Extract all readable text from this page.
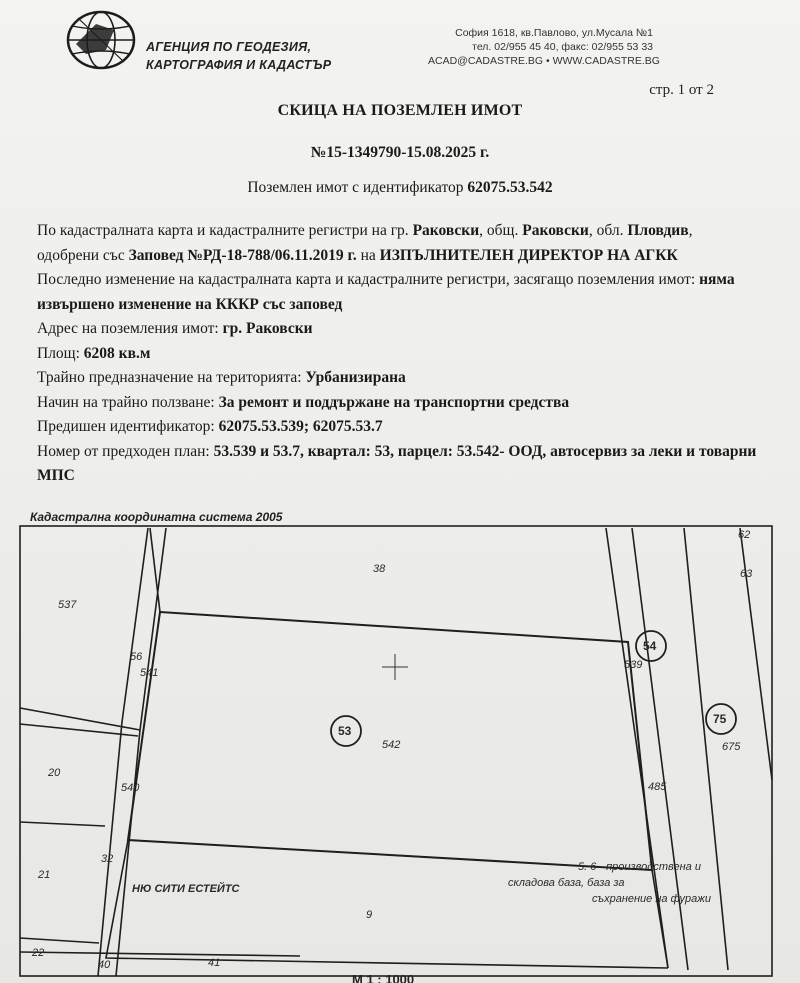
АГЕНЦИЯ ПО ГЕОДЕЗИЯ,
КАРТОГРАФИЯ И КАДАСТЪР
София 1618, кв.Павлово, ул.Мусала №1
тел. 02/955 45 40, факс: 02/955 53 33
ACAD@CADASTRE.BG • WWW.CADASTRE.BG
стр. 1 от 2
СКИЦА НА ПОЗЕМЛЕН ИМОТ
№15-1349790-15.08.2025 г.
Поземлен имот с идентификатор 62075.53.542

По кадастралната карта и кадастралните регистри на гр. Раковски, общ. Раковски, обл. Пловдив, одобрени със Заповед №РД-18-788/06.11.2019 г. на ИЗПЪЛНИТЕЛЕН ДИРЕКТОР НА АГКК

Последно изменение на кадастралната карта и кадастралните регистри, засягащо поземления имот: няма извършено изменение на КККР със заповед

Адрес на поземления имот: гр. Раковски

Площ: 6208 кв.м

Трайно предназначение на територията: Урбанизирана

Начин на трайно ползване: За ремонт и поддържане на транспортни средства

Предишен идентификатор: 62075.53.539; 62075.53.7

Номер от предходен план: 53.539 и 53.7, квартал: 53, парцел: 53.542- ООД, автосервиз за леки и товарни МПС

Кадастрална координатна система 2005
38
537
56
541
53
542
54
539
75
675
62
63
20
540	485
21
32
9
22
40	41
5. 6 - производствена и
складова база, база за
съхранение на фуражи
НЮ СИТИ ЕСТЕЙТС
М 1 : 1000
